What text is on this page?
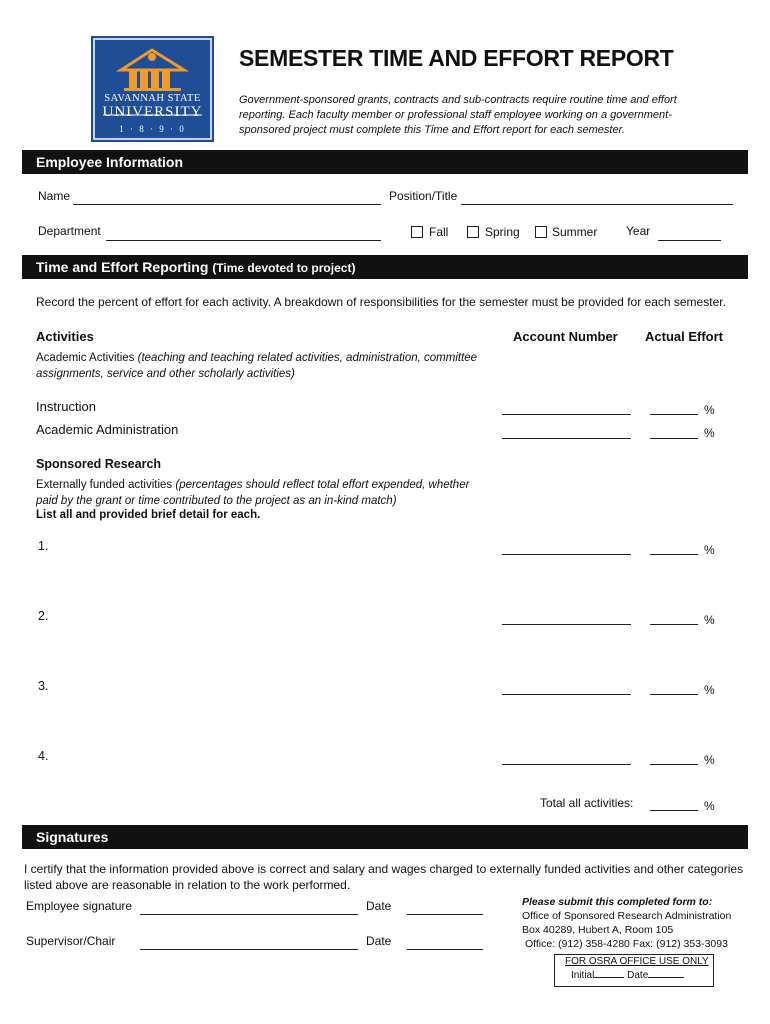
SAVANNAH STATE
UNIVERSITY
1 · 8 · 9 · 0
SEMESTER TIME AND EFFORT REPORT
Government-sponsored grants, contracts and sub-contracts require routine time and effort reporting. Each faculty member or professional staff employee working on a government-sponsored project must complete this Time and Effort report for each semester.
Employee Information
Name	Position/Title
Department	Fall	Spring	Summer Year
Time and Effort Reporting (Time devoted to project)
Record the percent of effort for each activity. A breakdown of responsibilities for the semester must be provided for each semester.
Activities	Account Number Actual Effort
Academic Activities (teaching and teaching related activities, administration, committee assignments, service and other scholarly activities)
Instruction	%
Academic Administration	%
Sponsored Research
Externally funded activities (percentages should reflect total effort expended, whether paid by the grant or time contributed to the project as an in-kind match)
List all and provided brief detail for each.
1.	%
2.	%
3.	%
4.	%
Total all activities:	%
Signatures
I certify that the information provided above is correct and salary and wages charged to externally funded activities and other categories listed above are reasonable in relation to the work performed.
Employee signature	Date
Supervisor/Chair	Date
Please submit this completed form to:
Office of Sponsored Research Administration
Box 40289, Hubert A, Room 105
Office: (912) 358-4280 Fax: (912) 353-3093
FOR OSRA OFFICE USE ONLY
Initial	Date
